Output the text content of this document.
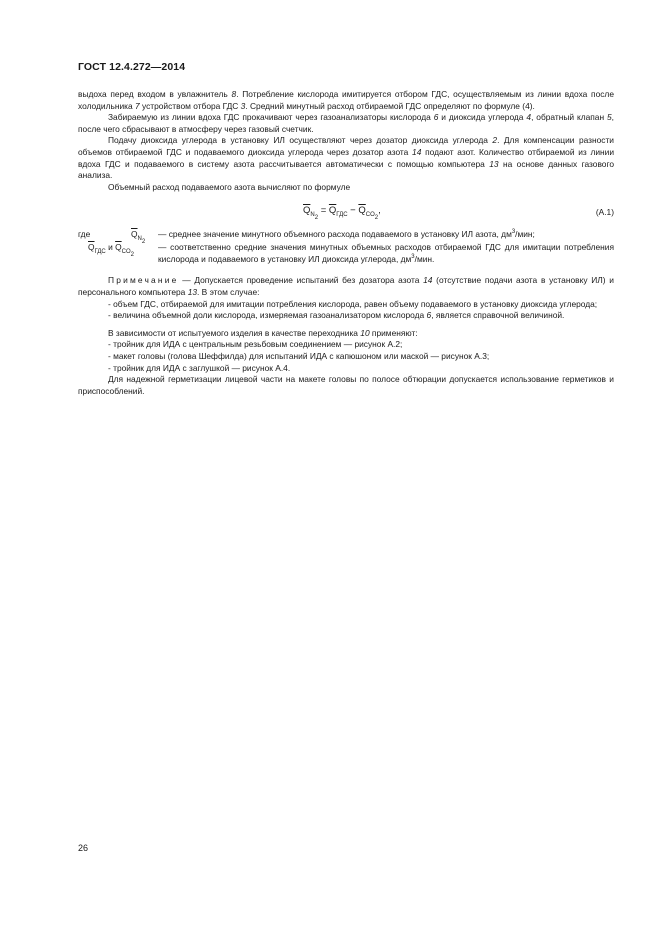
ГОСТ 12.4.272—2014

выдоха перед входом в увлажнитель 8. Потребление кислорода имитируется отбором ГДС, осуществляемым из линии вдоха после холодильника 7 устройством отбора ГДС 3. Средний минутный расход отбираемой ГДС определяют по формуле (4).

Забираемую из линии вдоха ГДС прокачивают через газоанализаторы кислорода 6 и диоксида углерода 4, обратный клапан 5, после чего сбрасывают в атмосферу через газовый счетчик.

Подачу диоксида углерода в установку ИЛ осуществляют через дозатор диоксида углерода 2. Для компенсации разности объемов отбираемой ГДС и подаваемого диоксида углерода через дозатор азота 14 подают азот. Количество отбираемой из линии вдоха ГДС и подаваемого в систему азота рассчитывается автоматически с помощью компьютера 13 на основе данных газового анализа.

Объемный расход подаваемого азота вычисляют по формуле

$\overline{Q}_{N_2} = \overline{Q}_{ГДС} - \overline{Q}_{CO_2}$,	(A.1)
где	$\overline{Q}_{N_2}$
$\overline{Q}_{ГДС}$ и $\overline{Q}_{CO_2}$
— среднее значение минутного объемного расхода подаваемого в установку ИЛ азота, $дм^3$/мин;
— соответственно средние значения минутных объемных расходов отбираемой ГДС для имитации потребления кислорода и подаваемого в установку ИЛ диоксида углерода, $дм^3$/мин.

Примечание — Допускается проведение испытаний без дозатора азота 14 (отсутствие подачи азота в установку ИЛ) и персонального компьютера 13. В этом случае:

- объем ГДС, отбираемой для имитации потребления кислорода, равен объему подаваемого в установку диоксида углерода;

- величина объемной доли кислорода, измеряемая газоанализатором кислорода 6, является справочной величиной.

В зависимости от испытуемого изделия в качестве переходника 10 применяют:

- тройник для ИДА с центральным резьбовым соединением — рисунок A.2;

- макет головы (голова Шеффилда) для испытаний ИДА с капюшоном или маской — рисунок A.3;

- тройник для ИДА с заглушкой — рисунок A.4.

Для надежной герметизации лицевой части на макете головы по полосе обтюрации допускается использование герметиков и приспособлений.

26
